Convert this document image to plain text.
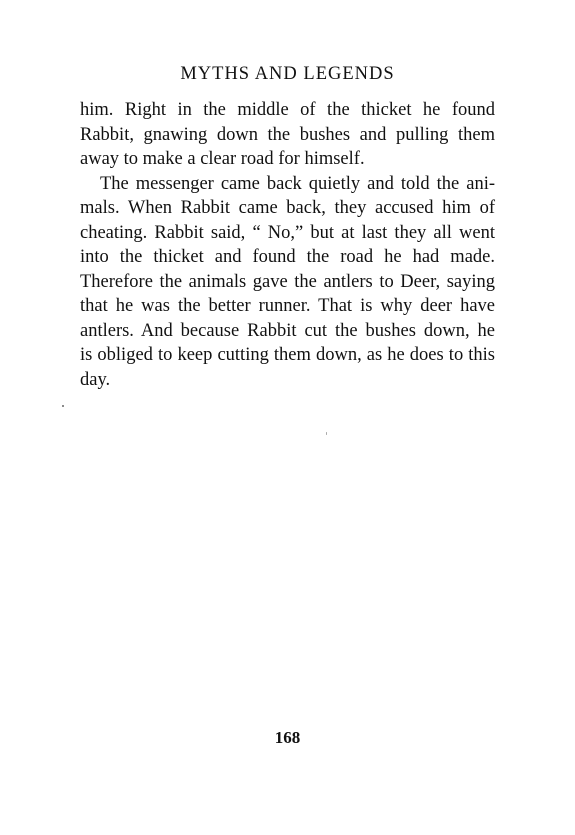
MYTHS AND LEGENDS
him. Right in the middle of the thicket he found
Rabbit, gnawing down the bushes and pulling them
away to make a clear road for himself.
The messenger came back quietly and told the ani-
mals. When Rabbit came back, they accused him of
cheating. Rabbit said, “ No,” but at last they all went
into the thicket and found the road he had made.
Therefore the animals gave the antlers to Deer, saying
that he was the better runner. That is why deer have
antlers. And because Rabbit cut the bushes down, he
is obliged to keep cutting them down, as he does to this
day.
168
